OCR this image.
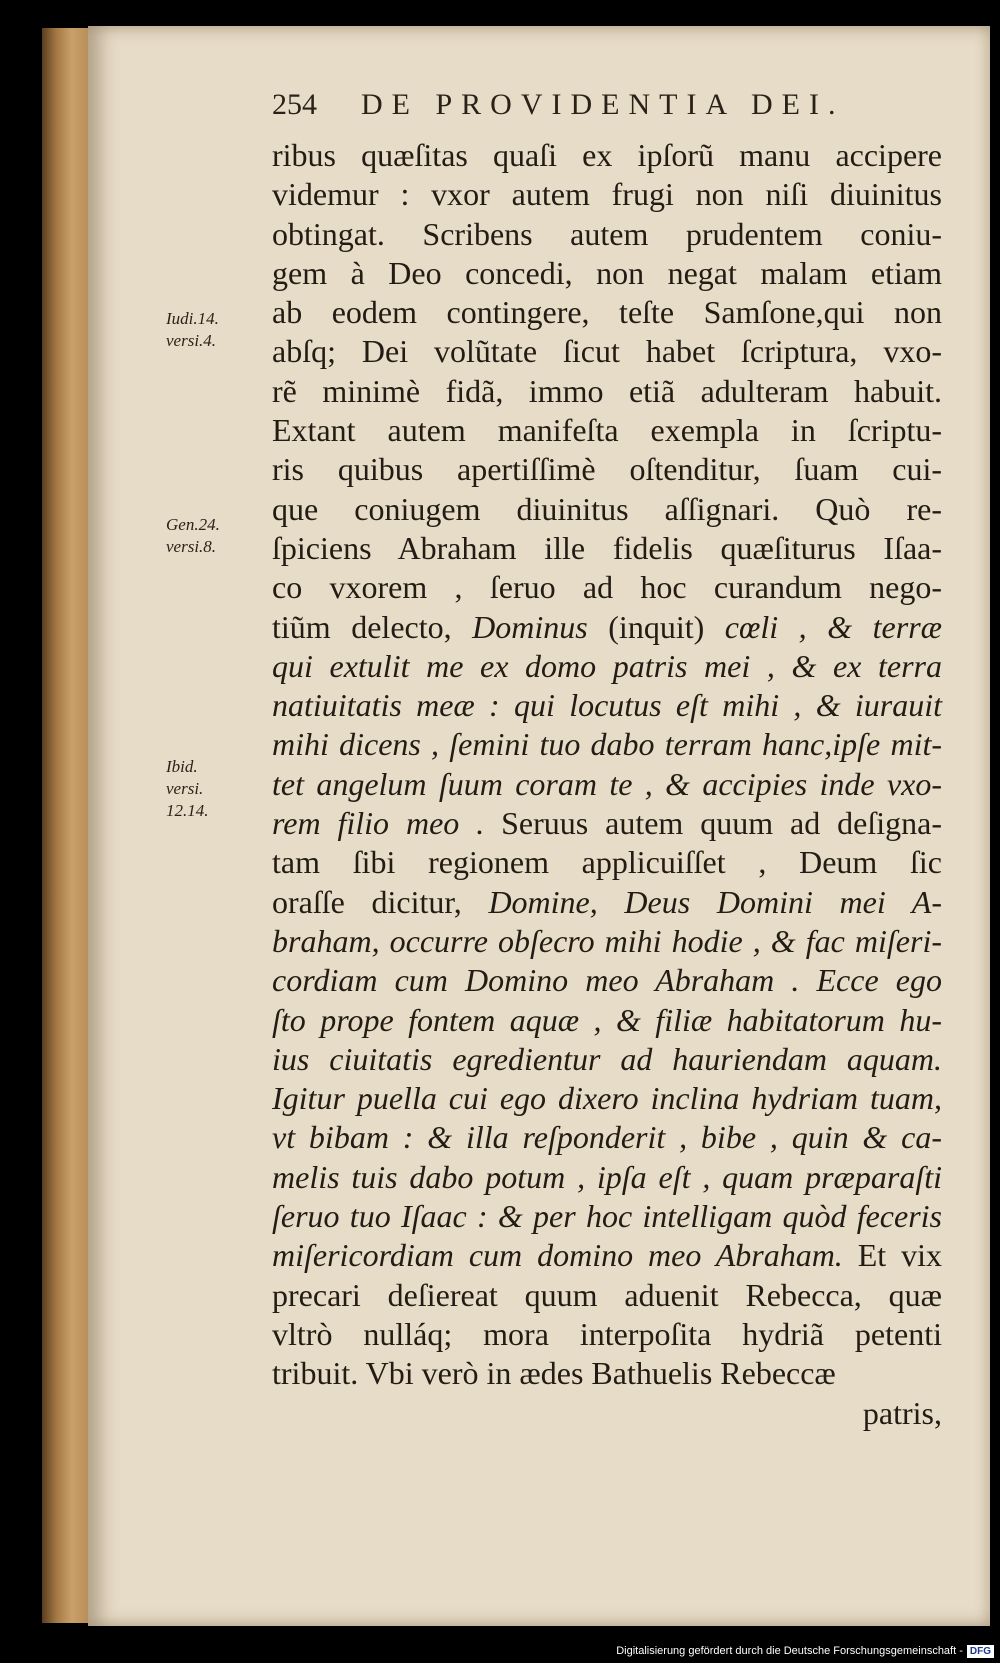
254 DE PROVIDENTIA DEI.
Iudi.14.
versi.4.
Gen.24.
versi.8.
Ibid.
versi.
12.14.
ribus quæſitas quaſi ex ipſorũ manu accipere
videmur : vxor autem frugi non niſi diuinitus
obtingat. Scribens autem prudentem coniu-
gem à Deo concedi, non negat malam etiam
ab eodem contingere, teſte Samſone,qui non
abſq; Dei volũtate ſicut habet ſcriptura, vxo-
rẽ minimè fidã, immo etiã adulteram habuit.
Extant autem manifeſta exempla in ſcriptu-
ris quibus apertiſſimè oſtenditur, ſuam cui-
que coniugem diuinitus aſſignari. Quò re-
ſpiciens Abraham ille fidelis quæſiturus Iſaa-
co vxorem , ſeruo ad hoc curandum nego-
tiũm delecto, Dominus (inquit) cœli , & terræ
qui extulit me ex domo patris mei , & ex terra
natiuitatis meæ : qui locutus eſt mihi , & iurauit
mihi dicens , ſemini tuo dabo terram hanc,ipſe mit-
tet angelum ſuum coram te , & accipies inde vxo-
rem filio meo . Seruus autem quum ad deſigna-
tam ſibi regionem applicuiſſet , Deum ſic
oraſſe dicitur, Domine, Deus Domini mei A-
braham, occurre obſecro mihi hodie , & fac miſeri-
cordiam cum Domino meo Abraham . Ecce ego
ſto prope fontem aquæ , & filiæ habitatorum hu-
ius ciuitatis egredientur ad hauriendam aquam.
Igitur puella cui ego dixero inclina hydriam tuam,
vt bibam : & illa reſponderit , bibe , quin & ca-
melis tuis dabo potum , ipſa eſt , quam præparaſti
ſeruo tuo Iſaac : & per hoc intelligam quòd feceris
miſericordiam cum domino meo Abraham. Et vix
precari deſiereat quum aduenit Rebecca, quæ
vltrò nulláq; mora interpoſita hydriã petenti
tribuit. Vbi verò in ædes Bathuelis Rebeccæ
patris,
Digitalisierung gefördert durch die Deutsche Forschungsgemeinschaft - DFG
